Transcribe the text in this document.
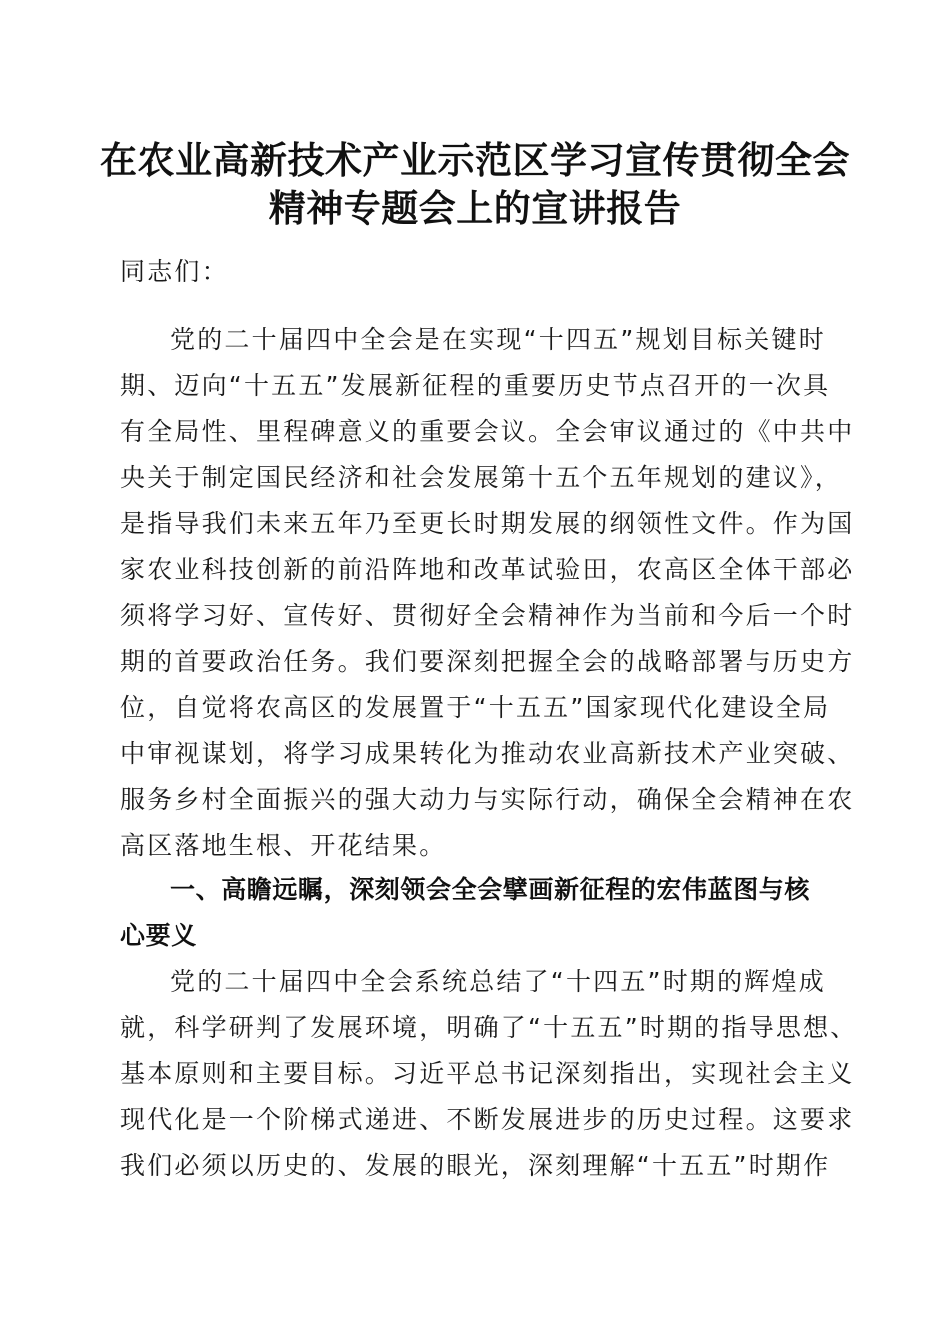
在农业高新技术产业示范区学习宣传贯彻全会
精神专题会上的宣讲报告
同志们：
党的二十届四中全会是在实现“十四五”规划目标关键时
期、迈向“十五五”发展新征程的重要历史节点召开的一次具
有全局性、里程碑意义的重要会议。全会审议通过的《中共中
央关于制定国民经济和社会发展第十五个五年规划的建议》，
是指导我们未来五年乃至更长时期发展的纲领性文件。作为国
家农业科技创新的前沿阵地和改革试验田，农高区全体干部必
须将学习好、宣传好、贯彻好全会精神作为当前和今后一个时
期的首要政治任务。我们要深刻把握全会的战略部署与历史方
位，自觉将农高区的发展置于“十五五”国家现代化建设全局
中审视谋划，将学习成果转化为推动农业高新技术产业突破、
服务乡村全面振兴的强大动力与实际行动，确保全会精神在农
高区落地生根、开花结果。
一、高瞻远瞩，深刻领会全会擘画新征程的宏伟蓝图与核
心要义
党的二十届四中全会系统总结了“十四五”时期的辉煌成
就，科学研判了发展环境，明确了“十五五”时期的指导思想、
基本原则和主要目标。习近平总书记深刻指出，实现社会主义
现代化是一个阶梯式递进、不断发展进步的历史过程。这要求
我们必须以历史的、发展的眼光，深刻理解“十五五”时期作
